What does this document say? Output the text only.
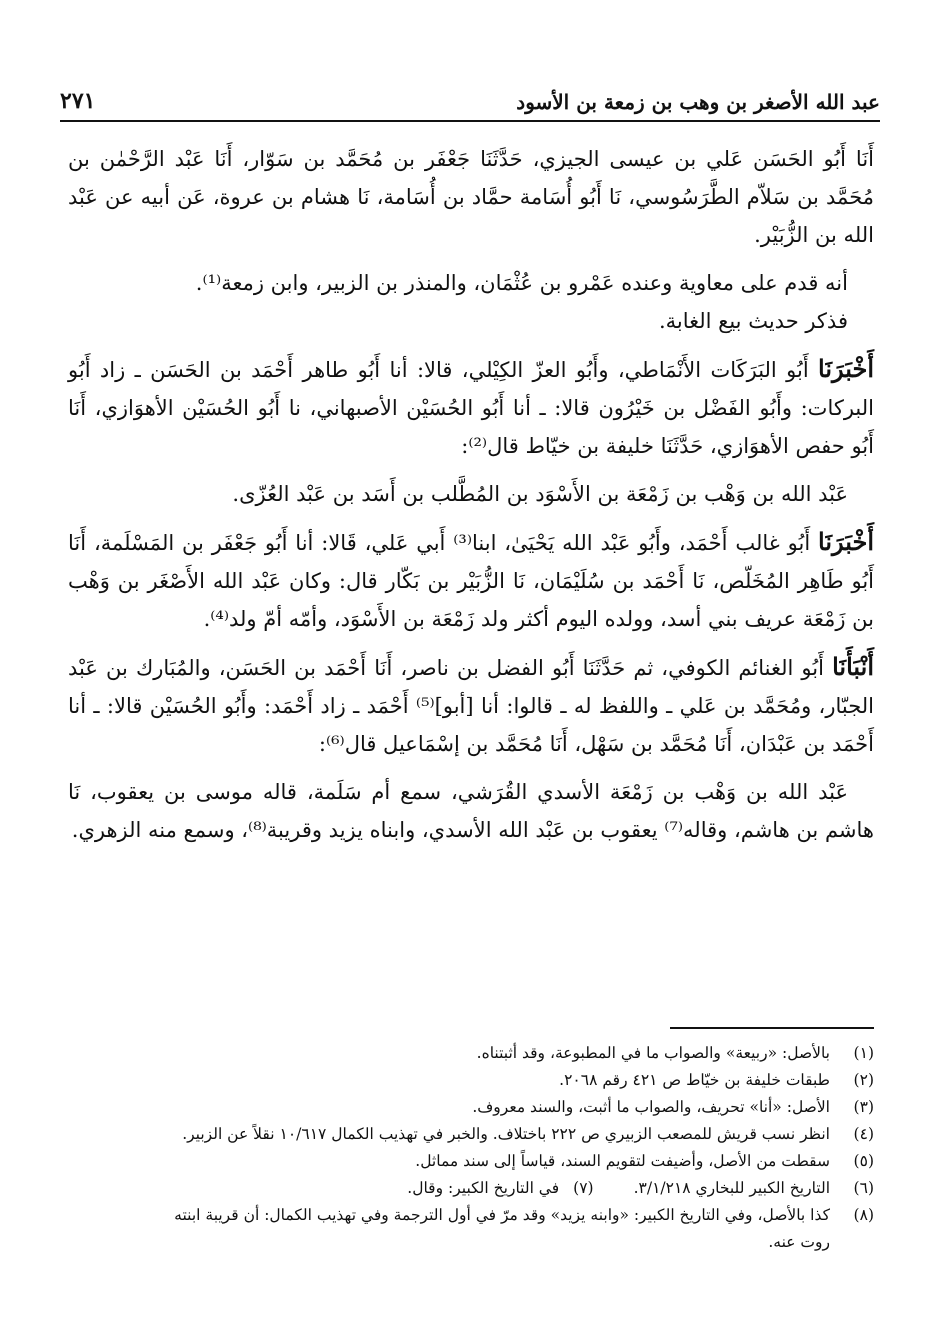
عبد الله الأصغر بن وهب بن زمعة بن الأسود
٢٧١

أَنَا أَبُو الحَسَن عَلي بن عيسى الجيزي، حَدَّثَنَا جَعْفَر بن مُحَمَّد بن سَوّار، أَنَا عَبْد الرَّحْمٰن بن مُحَمَّد بن سَلاّم الطَّرَسُوسي، نَا أَبُو أُسَامة حمَّاد بن أُسَامة، نَا هشام بن عروة، عَن أبيه عن عَبْد الله بن الزُّبَيْر.

أنه قدم على معاوية وعنده عَمْرو بن عُثْمَان، والمنذر بن الزبير، وابن زمعة⁽¹⁾.

فذكر حديث بيع الغابة.

أَخْبَرَنَا أَبُو البَرَكَات الأَنْمَاطي، وأَبُو العزّ الكِيْلي، قالا: أنا أَبُو طاهر أَحْمَد بن الحَسَن ـ زاد أَبُو البركات: وأَبُو الفَضْل بن خَيْرُون قالا: ـ أنا أَبُو الحُسَيْن الأصبهاني، نا أَبُو الحُسَيْن الأهوَازي، أَنَا أَبُو حفص الأهوَازي، حَدَّثَنَا خليفة بن خيّاط قال⁽²⁾:

عَبْد الله بن وَهْب بن زَمْعَة بن الأَسْوَد بن المُطَّلب بن أَسَد بن عَبْد العُزّى.

أَخْبَرَنَا أَبُو غالب أَحْمَد، وأَبُو عَبْد الله يَحْيَىٰ، ابنا⁽³⁾ أَبي عَلي، قَالا: أنا أَبُو جَعْفَر بن المَسْلَمة، أَنَا أَبُو طَاهِر المُخَلّص، نَا أَحْمَد بن سُلَيْمَان، نَا الزُّبَيْر بن بَكّار قال: وكان عَبْد الله الأَصْغَر بن وَهْب بن زَمْعَة عريف بني أسد، وولده اليوم أكثر ولد زَمْعَة بن الأَسْوَد، وأمّه أمّ ولد⁽⁴⁾.

أَنْبَأَنَا أَبُو الغنائم الكوفي، ثم حَدَّثَنَا أَبُو الفضل بن ناصر، أَنَا أَحْمَد بن الحَسَن، والمُبَارك بن عَبْد الجبّار، ومُحَمَّد بن عَلي ـ واللفظ له ـ قالوا: أنا [أبو]⁽⁵⁾ أَحْمَد ـ زاد أَحْمَد: وأَبُو الحُسَيْن قالا: ـ أنا أَحْمَد بن عَبْدَان، أَنَا مُحَمَّد بن سَهْل، أَنَا مُحَمَّد بن إسْمَاعيل قال⁽⁶⁾:

عَبْد الله بن وَهْب بن زَمْعَة الأسدي القُرَشي، سمع أم سَلَمة، قاله موسى بن يعقوب، نَا هاشم بن هاشم، وقاله⁽⁷⁾ يعقوب بن عَبْد الله الأسدي، وابناه يزيد وقريبة⁽⁸⁾، وسمع منه الزهري.

(١)
بالأصل: «ربيعة» والصواب ما في المطبوعة، وقد أثبتناه.
(٢)
طبقات خليفة بن خيّاط ص ٤٢١ رقم ٢٠٦٨.
(٣)
الأصل: «أنا» تحريف، والصواب ما أثبت، والسند معروف.
(٤)
انظر نسب قريش للمصعب الزبيري ص ٢٢٢ باختلاف. والخبر في تهذيب الكمال ١٠/٦١٧ نقلاً عن الزبير.
(٥)
سقطت من الأصل، وأضيفت لتقويم السند، قياساً إلى سند مماثل.
(٦)
التاريخ الكبير للبخاري ٣/١/٢١٨.(٧)في التاريخ الكبير: وقال.
(٨)
كذا بالأصل، وفي التاريخ الكبير: «وابنه يزيد» وقد مرّ في أول الترجمة وفي تهذيب الكمال: أن قريبة ابنته
روت عنه.
